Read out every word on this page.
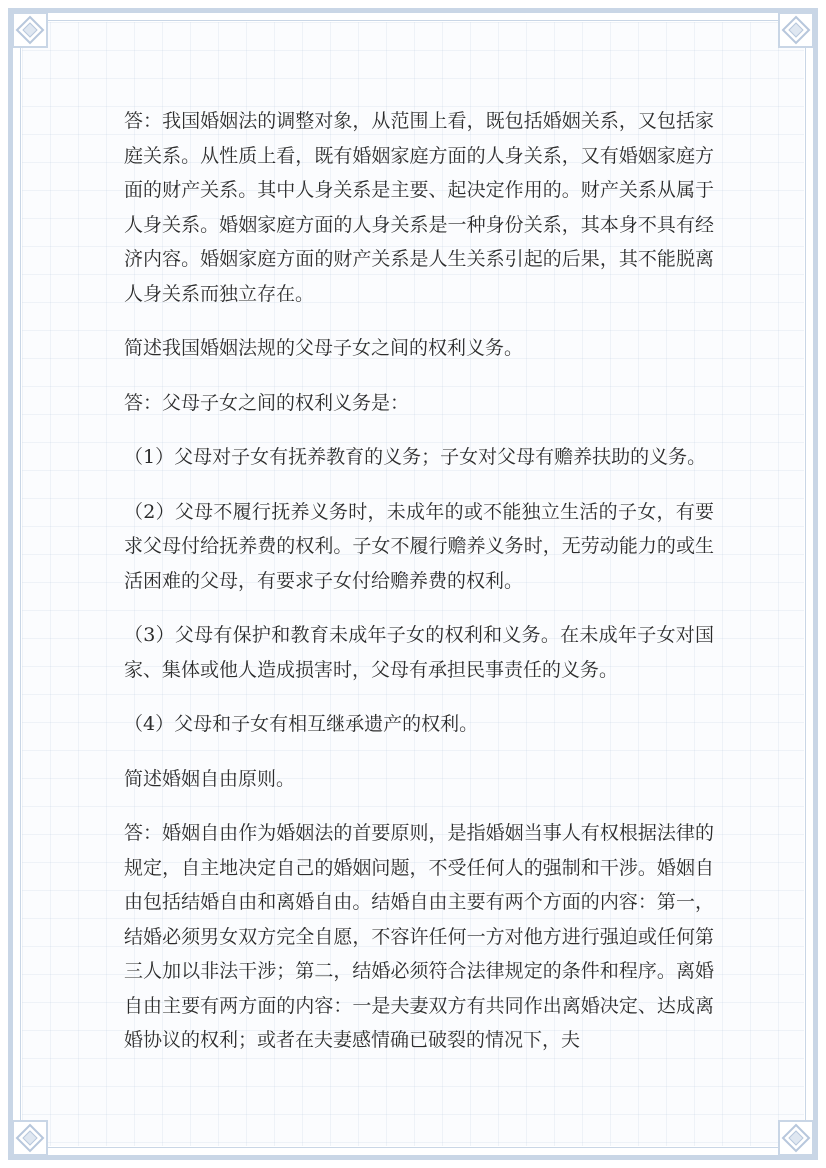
答：我国婚姻法的调整对象，从范围上看，既包括婚姻关系，又包括家庭关系。从性质上看，既有婚姻家庭方面的人身关系，又有婚姻家庭方面的财产关系。其中人身关系是主要、起决定作用的。财产关系从属于人身关系。婚姻家庭方面的人身关系是一种身份关系，其本身不具有经济内容。婚姻家庭方面的财产关系是人生关系引起的后果，其不能脱离人身关系而独立存在。

简述我国婚姻法规的父母子女之间的权利义务。

答：父母子女之间的权利义务是：

（1）父母对子女有抚养教育的义务；子女对父母有赡养扶助的义务。

（2）父母不履行抚养义务时，未成年的或不能独立生活的子女，有要求父母付给抚养费的权利。子女不履行赡养义务时，无劳动能力的或生活困难的父母，有要求子女付给赡养费的权利。

（3）父母有保护和教育未成年子女的权利和义务。在未成年子女对国家、集体或他人造成损害时，父母有承担民事责任的义务。

（4）父母和子女有相互继承遗产的权利。

简述婚姻自由原则。

答：婚姻自由作为婚姻法的首要原则，是指婚姻当事人有权根据法律的规定，自主地决定自己的婚姻问题，不受任何人的强制和干涉。婚姻自由包括结婚自由和离婚自由。结婚自由主要有两个方面的内容：第一，结婚必须男女双方完全自愿，不容许任何一方对他方进行强迫或任何第三人加以非法干涉；第二，结婚必须符合法律规定的条件和程序。离婚自由主要有两方面的内容：一是夫妻双方有共同作出离婚决定、达成离婚协议的权利；或者在夫妻感情确已破裂的情况下，夫
